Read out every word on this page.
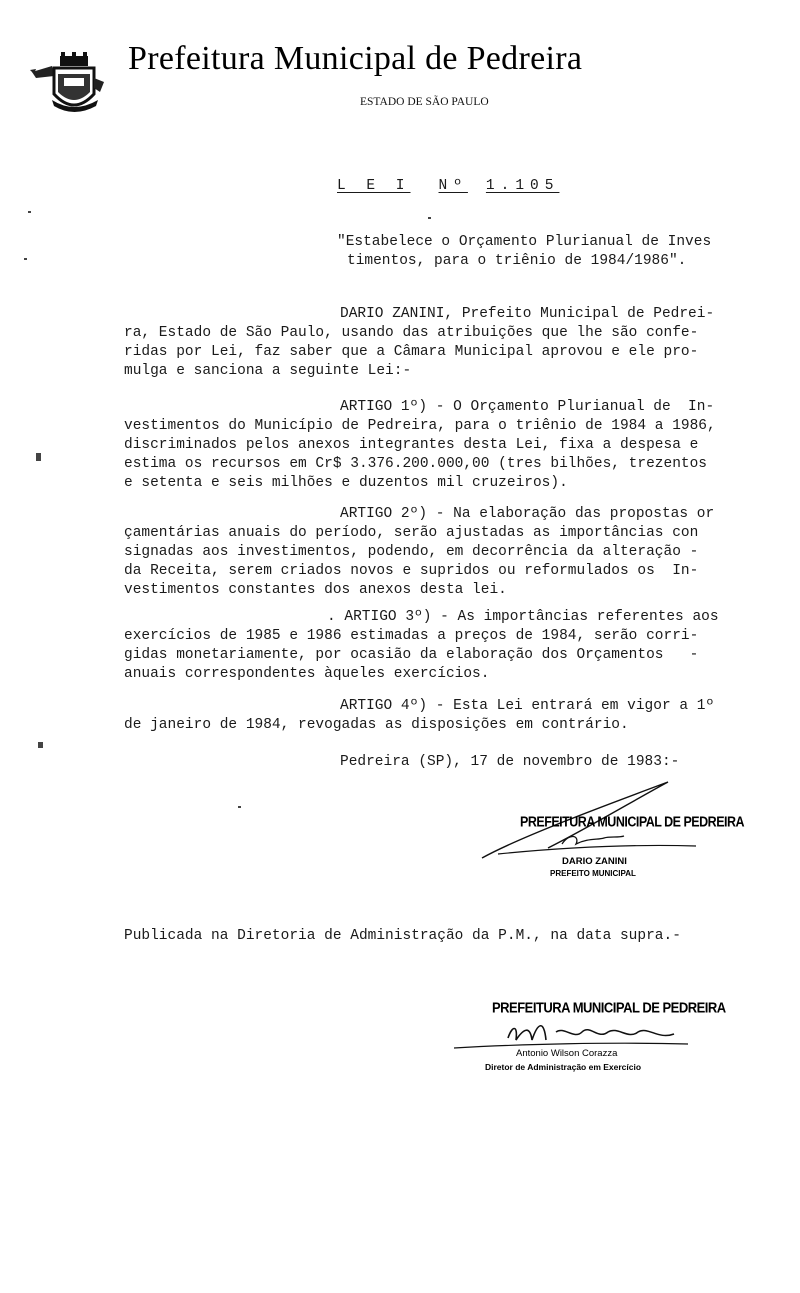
Prefeitura Municipal de Pedreira
ESTADO DE SÃO PAULO
L E I Nº 1.105
"Estabelece o Orçamento Plurianual de Inves
timentos, para o triênio de 1984/1986".
DARIO ZANINI, Prefeito Municipal de Pedrei-
ra, Estado de São Paulo, usando das atribuições que lhe são confe-
ridas por Lei, faz saber que a Câmara Municipal aprovou e ele pro-
mulga e sanciona a seguinte Lei:-
ARTIGO 1º) - O Orçamento Plurianual de  In-
vestimentos do Município de Pedreira, para o triênio de 1984 a 1986,
discriminados pelos anexos integrantes desta Lei, fixa a despesa e
estima os recursos em Cr$ 3.376.200.000,00 (tres bilhões, trezentos
e setenta e seis milhões e duzentos mil cruzeiros).
ARTIGO 2º) - Na elaboração das propostas or
çamentárias anuais do período, serão ajustadas as importâncias con
signadas aos investimentos, podendo, em decorrência da alteração -
da Receita, serem criados novos e supridos ou reformulados os  In-
vestimentos constantes dos anexos desta lei.
. ARTIGO 3º) - As importâncias referentes aos
exercícios de 1985 e 1986 estimadas a preços de 1984, serão corri-
gidas monetariamente, por ocasião da elaboração dos Orçamentos   -
anuais correspondentes àqueles exercícios.
ARTIGO 4º) - Esta Lei entrará em vigor a 1º
de janeiro de 1984, revogadas as disposições em contrário.
Pedreira (SP), 17 de novembro de 1983:-
PREFEITURA MUNICIPAL DE PEDREIRA
DARIO ZANINI
PREFEITO MUNICIPAL
Publicada na Diretoria de Administração da P.M., na data supra.-
PREFEITURA MUNICIPAL DE PEDREIRA
Antonio Wilson Corazza
Diretor de Administração em Exercício
